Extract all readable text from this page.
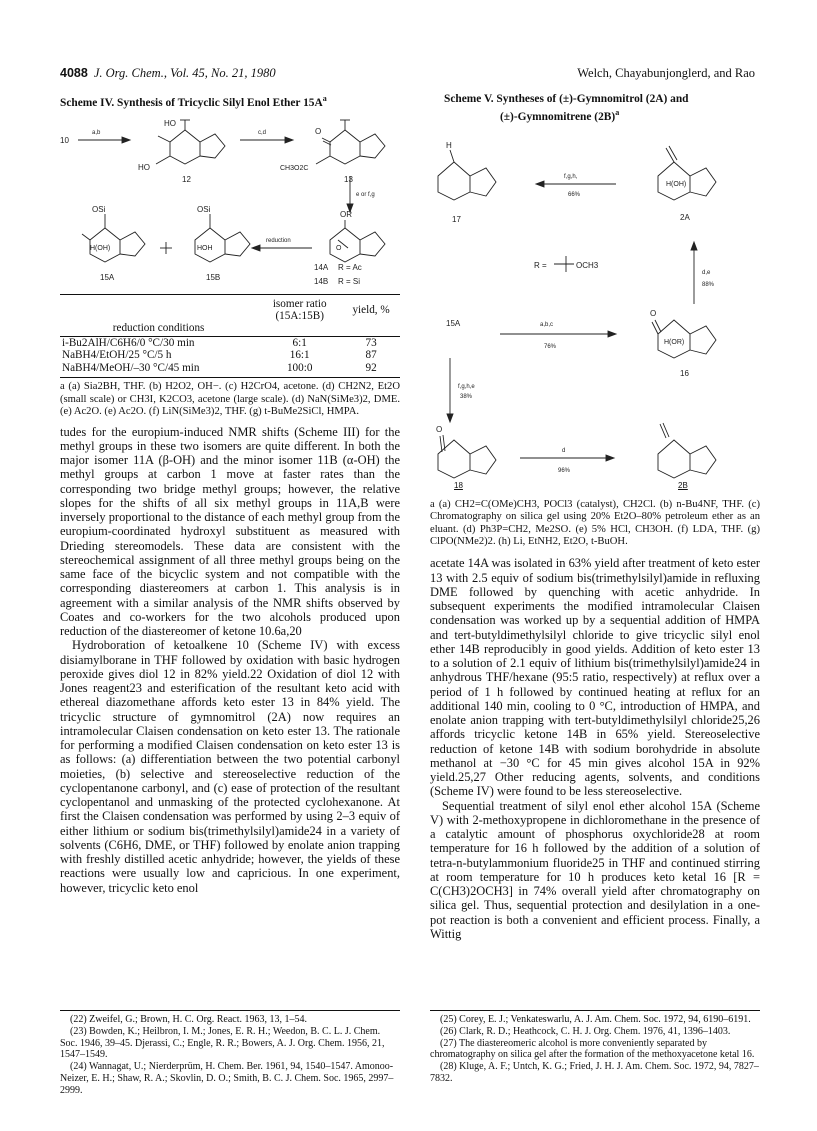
4088 J. Org. Chem., Vol. 45, No. 21, 1980	Welch, Chayabunjonglerd, and Rao
Scheme IV. Synthesis of Tricyclic Silyl Enol Ether $15A^a$
10
a,b	c,d
HO
HO
12
O
CH3O2C
13
e or f,g
OR
OSi
H(OH)
15A
OSi
HOH
15B
reduction
O
14A R = Ac
14B R = Si
	isomer ratio (15A:15B)	yield, %
reduction conditions		
i-Bu2AlH/C6H6/0 °C/30 min	6:1	73
NaBH4/EtOH/25 °C/5 h	16:1	87
NaBH4/MeOH/–30 °C/45 min	100:0	92
a (a) Sia2BH, THF. (b) H2O2, OH−. (c) H2CrO4, acetone. (d) CH2N2, Et2O (small scale) or CH3I, K2CO3, acetone (large scale). (d) NaN(SiMe3)2, DME. (e) Ac2O. (e) Ac2O. (f) LiN(SiMe3)2, THF. (g) t-BuMe2SiCl, HMPA.

tudes for the europium-induced NMR shifts (Scheme III) for the methyl groups in these two isomers are quite different. In both the major isomer 11A (β-OH) and the minor isomer 11B (α-OH) the methyl groups at carbon 1 move at faster rates than the corresponding two bridge methyl groups; however, the relative slopes for the shifts of all six methyl groups in 11A,B were inversely proportional to the distance of each methyl group from the europium-coordinated hydroxyl substituent as measured with Drieding stereomodels. These data are consistent with the stereochemical assignment of all three methyl groups being on the same face of the bicyclic system and not compatible with the corresponding diastereomers at carbon 1. This analysis is in agreement with a similar analysis of the NMR shifts observed by Coates and co-workers for the two alcohols produced upon reduction of the diastereomer of ketone 10.6a,20

Hydroboration of ketoalkene 10 (Scheme IV) with excess disiamylborane in THF followed by oxidation with basic hydrogen peroxide gives diol 12 in 82% yield.22 Oxidation of diol 12 with Jones reagent23 and esterification of the resultant keto acid with ethereal diazomethane affords keto ester 13 in 84% yield. The tricyclic structure of gymnomitrol (2A) now requires an intramolecular Claisen condensation on keto ester 13. The rationale for performing a modified Claisen condensation on keto ester 13 is as follows: (a) differentiation between the two potential carbonyl moieties, (b) selective and stereoselective reduction of the cyclopentanone carbonyl, and (c) ease of protection of the resultant cyclopentanol and unmasking of the protected cyclohexanone. At first the Claisen condensation was performed by using 2–3 equiv of either lithium or sodium bis(trimethylsilyl)amide24 in a variety of solvents (C6H6, DME, or THF) followed by enolate anion trapping with freshly distilled acetic anhydride; however, the yields of these reactions were usually low and capricious. In one experiment, however, tricyclic keto enol

Scheme V. Syntheses of (±)-Gymnomitrol (2A) and
(±)-Gymnomitrene $(2B)^a$
H
17
f,g,h,
66%
H(OH)
2A
R =	OCH3
d,e
88%
O
15A	a,b,c
76%
H(OR)
16
f,g,h,e
38%
O
d
96%
18	2B
a (a) CH2=C(OMe)CH3, POCl3 (catalyst), CH2Cl. (b) n-Bu4NF, THF. (c) Chromatography on silica gel using 20% Et2O–80% petroleum ether as an eluant. (d) Ph3P=CH2, Me2SO. (e) 5% HCl, CH3OH. (f) LDA, THF. (g) ClPO(NMe2)2. (h) Li, EtNH2, Et2O, t-BuOH.

acetate 14A was isolated in 63% yield after treatment of keto ester 13 with 2.5 equiv of sodium bis(trimethylsilyl)amide in refluxing DME followed by quenching with acetic anhydride. In subsequent experiments the modified intramolecular Claisen condensation was worked up by a sequential addition of HMPA and tert-butyldimethylsilyl chloride to give tricyclic silyl enol ether 14B reproducibly in good yields. Addition of keto ester 13 to a solution of 2.1 equiv of lithium bis(trimethylsilyl)amide24 in anhydrous THF/hexane (95:5 ratio, respectively) at reflux over a period of 1 h followed by continued heating at reflux for an additional 140 min, cooling to 0 °C, introduction of HMPA, and enolate anion trapping with tert-butyldimethylsilyl chloride25,26 affords tricyclic ketone 14B in 65% yield. Stereoselective reduction of ketone 14B with sodium borohydride in absolute methanol at −30 °C for 45 min gives alcohol 15A in 92% yield.25,27 Other reducing agents, solvents, and conditions (Scheme IV) were found to be less stereoselective.

Sequential treatment of silyl enol ether alcohol 15A (Scheme V) with 2-methoxypropene in dichloromethane in the presence of a catalytic amount of phosphorus oxychloride28 at room temperature for 16 h followed by the addition of a solution of tetra-n-butylammonium fluoride25 in THF and continued stirring at room temperature for 10 h produces keto ketal 16 [R = C(CH3)2OCH3] in 74% overall yield after chromatography on silica gel. Thus, sequential protection and desilylation in a one-pot reaction is both a convenient and efficient process. Finally, a Wittig

(22) Zweifel, G.; Brown, H. C. Org. React. 1963, 13, 1–54.

(23) Bowden, K.; Heilbron, I. M.; Jones, E. R. H.; Weedon, B. C. L. J. Chem. Soc. 1946, 39–45. Djerassi, C.; Engle, R. R.; Bowers, A. J. Org. Chem. 1956, 21, 1547–1549.

(24) Wannagat, U.; Nierderprüm, H. Chem. Ber. 1961, 94, 1540–1547. Amonoo-Neizer, E. H.; Shaw, R. A.; Skovlin, D. O.; Smith, B. C. J. Chem. Soc. 1965, 2997–2999.

(25) Corey, E. J.; Venkateswarlu, A. J. Am. Chem. Soc. 1972, 94, 6190–6191.

(26) Clark, R. D.; Heathcock, C. H. J. Org. Chem. 1976, 41, 1396–1403.

(27) The diastereomeric alcohol is more conveniently separated by chromatography on silica gel after the formation of the methoxyacetone ketal 16.

(28) Kluge, A. F.; Untch, K. G.; Fried, J. H. J. Am. Chem. Soc. 1972, 94, 7827–7832.
